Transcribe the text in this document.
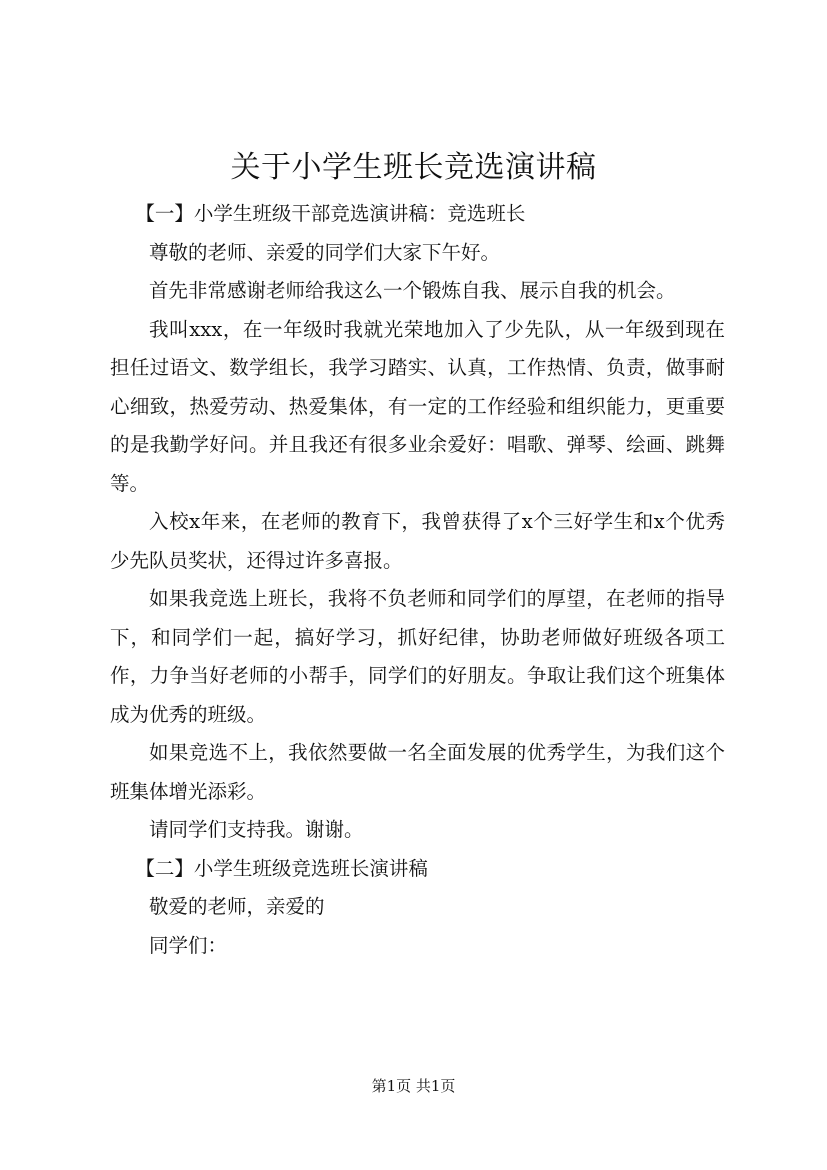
关于小学生班长竞选演讲稿

【一】小学生班级干部竞选演讲稿：竞选班长

尊敬的老师、亲爱的同学们大家下午好。

首先非常感谢老师给我这么一个锻炼自我、展示自我的机会。

我叫xxx，在一年级时我就光荣地加入了少先队，从一年级到现在担任过语文、数学组长，我学习踏实、认真，工作热情、负责，做事耐心细致，热爱劳动、热爱集体，有一定的工作经验和组织能力，更重要的是我勤学好问。并且我还有很多业余爱好：唱歌、弹琴、绘画、跳舞等。

入校x年来，在老师的教育下，我曾获得了x个三好学生和x个优秀少先队员奖状，还得过许多喜报。

如果我竞选上班长，我将不负老师和同学们的厚望，在老师的指导下，和同学们一起，搞好学习，抓好纪律，协助老师做好班级各项工作，力争当好老师的小帮手，同学们的好朋友。争取让我们这个班集体成为优秀的班级。

如果竞选不上，我依然要做一名全面发展的优秀学生，为我们这个班集体增光添彩。

请同学们支持我。谢谢。

【二】小学生班级竞选班长演讲稿

敬爱的老师，亲爱的

同学们：

第1页 共1页
